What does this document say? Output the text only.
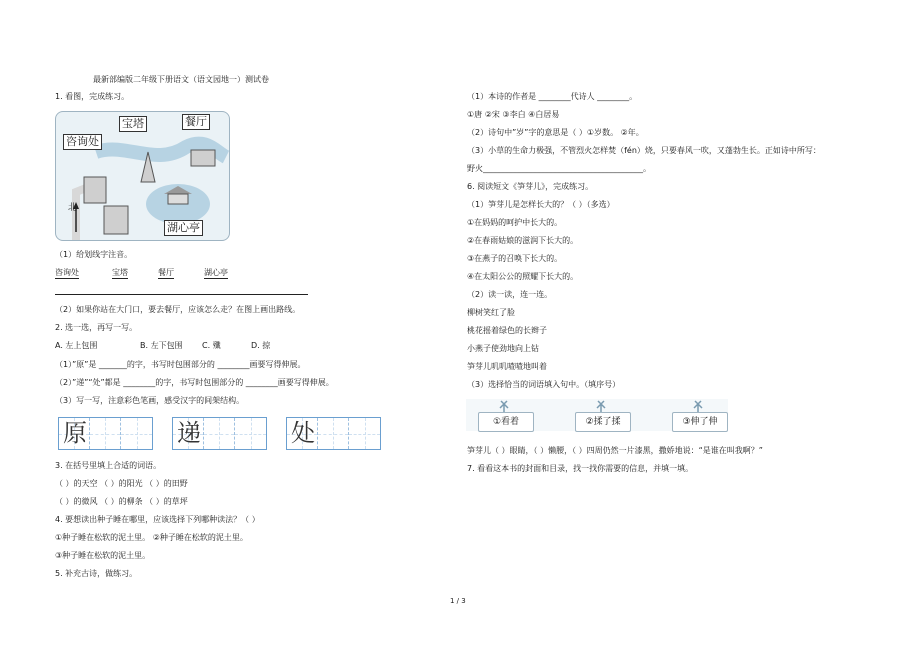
最新部编版二年级下册语文（语文园地一）测试卷
1. 看图，完成练习。
咨询处
宝塔	餐厅
湖心亭
北
（1）给划线字注音。
咨询处	宝塔	餐厅	湖心亭
（2）如果你站在大门口，要去餐厅，应该怎么走？在图上画出路线。
2. 选一选，再写一写。
A. 左上包围	B. 左下包围 C. 殲	D. 掠
（1）”原”是 _______的字，书写时包围部分的 ________画要写得伸展。
（2）”递”“处”都是 ________的字，书写时包围部分的 ________画要写得伸展。
（3）写一写，注意彩色笔画，感受汉字的间架结构。
原	递	处
3. 在括号里填上合适的词语。
（ ）的天空 （ ）的阳光 （ ）的田野
（ ）的微风 （ ）的柳条 （ ）的草坪
4. 要想读出种子睡在哪里，应该选择下列哪种读法？（ ）
①种子睡在松软的泥土里。 ②种子睡在松软的泥土里。
③种子睡在松软的泥土里。
5. 补充古诗，做练习。
（1）本诗的作者是 ________代诗人 ________。
①唐 ②宋 ③李白 ④白居易
（2）诗句中”岁”字的意思是（ ）①岁数。 ②年。
（3）小草的生命力极强，不管烈火怎样焚（fén）烧，只要春风一吹，又蓬勃生长。正如诗中所写：
野火________________________________________。
6. 阅读短文《笋芽儿》，完成练习。
（1）笋芽儿是怎样长大的？（ ）（多选）
①在妈妈的呵护中长大的。
②在春雨姑娘的滋润下长大的。
③在燕子的召唤下长大的。
④在太阳公公的照耀下长大的。
（2）读一读，连一连。
柳树笑红了脸
桃花摇着绿色的长辫子
小燕子使劲地向上钻
笋芽儿叽叽喳喳地叫着
（3）选择恰当的词语填入句中。（填序号）
①看着	②揉了揉	③伸了伸
笋芽儿（ ）眼睛，（ ）懒腰，（ ）四周仍然一片漆黑，撒娇地说：“是谁在叫我啊？”
7. 看看这本书的封面和目录，找一找你需要的信息，并填一填。
1 / 3
